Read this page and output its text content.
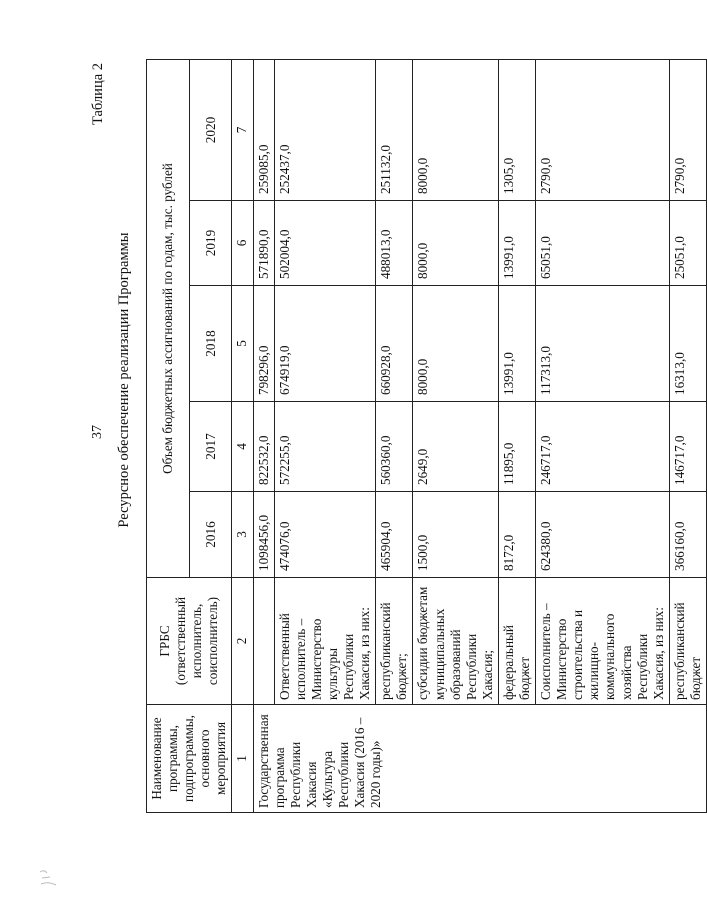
37
Таблица 2
Ресурсное обеспечение реализации Программы
Наименование программы, подпрограммы, основного мероприятия	ГРБС (ответственный исполнитель, соисполнитель)	Объем бюджетных ассигнований по годам, тыс. рублей				
		2016	2017	2018	2019	2020
1	2	3	4	5	6	7
Государственная программа Республики Хакасия «Культура Республики Хакасия (2016 –2020 годы)»		1098456,0	822532,0	798296,0	571890,0	259085,0
	Ответственный исполнитель – Министерство культуры Республики Хакасия, из них:	474076,0	572255,0	674919,0	502004,0	252437,0
	республиканский бюджет;	465904,0	560360,0	660928,0	488013,0	251132,0
	субсидии бюджетам муниципальных образований Республики Хакасия;	1500,0	2649,0	8000,0	8000,0	8000,0
	федеральный бюджет	8172,0	11895,0	13991,0	13991,0	1305,0
	Соисполнитель – Министерство строительства и жилищно-коммунального хозяйства Республики Хакасия, из них:	624380,0	246717,0	117313,0	65051,0	2790,0
	республиканский бюджет	366160,0	146717,0	16313,0	25051,0	2790,0
